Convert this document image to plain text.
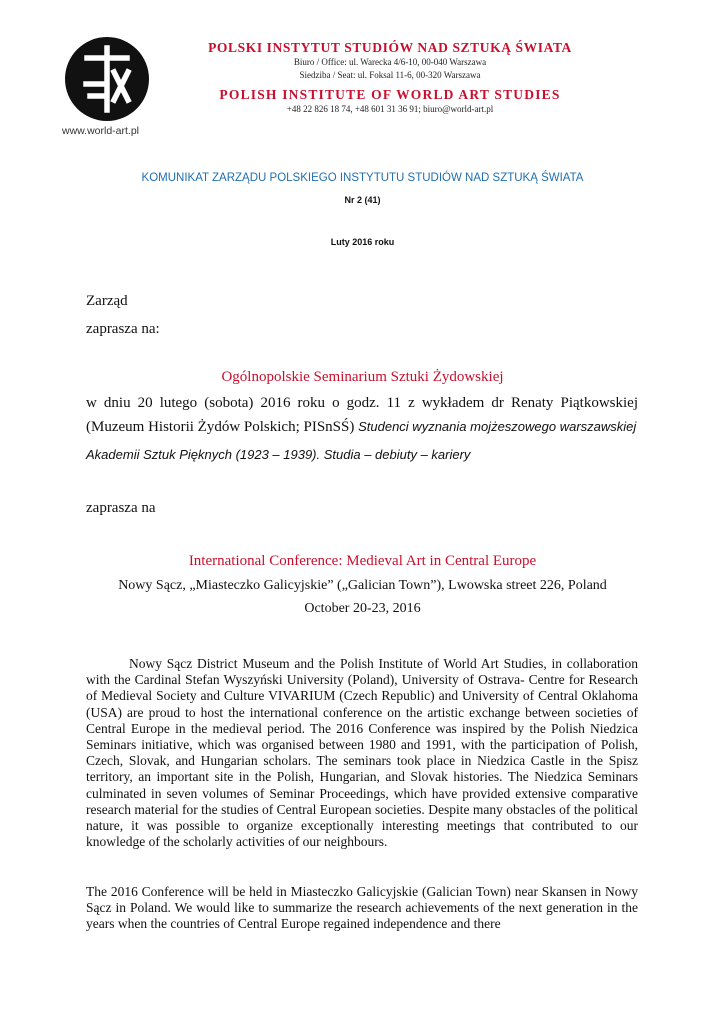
www.world-art.pl
POLSKI INSTYTUT STUDIÓW NAD SZTUKĄ ŚWIATA
Biuro / Office: ul. Warecka 4/6-10, 00-040 Warszawa
Siedziba / Seat: ul. Foksal 11-6, 00-320 Warszawa
POLISH INSTITUTE OF WORLD ART STUDIES
+48 22 826 18 74, +48 601 31 36 91; biuro@world-art.pl
KOMUNIKAT ZARZĄDU POLSKIEGO INSTYTUTU STUDIÓW NAD SZTUKĄ ŚWIATA
Nr 2 (41)
Luty 2016 roku
Zarząd
zaprasza na:
Ogólnopolskie Seminarium Sztuki Żydowskiej
w dniu 20 lutego (sobota) 2016 roku o godz. 11 z wykładem dr Renaty Piątkowskiej
(Muzeum Historii Żydów Polskich; PISnSŚ) Studenci wyznania mojżeszowego warszawskiej
Akademii Sztuk Pięknych (1923 – 1939). Studia – debiuty – kariery
zaprasza na
International Conference: Medieval Art in Central Europe
Nowy Sącz, „Miasteczko Galicyjskie” („Galician Town”), Lwowska street 226, Poland
October 20-23, 2016
Nowy Sącz District Museum and the Polish Institute of World Art Studies, in collaboration with the Cardinal Stefan Wyszyński University (Poland), University of Ostrava- Centre for Research of Medieval Society and Culture VIVARIUM (Czech Republic) and University of Central Oklahoma (USA) are proud to host the international conference on the artistic exchange between societies of Central Europe in the medieval period. The 2016 Conference was inspired by the Polish Niedzica Seminars initiative, which was organised between 1980 and 1991, with the participation of Polish, Czech, Slovak, and Hungarian scholars. The seminars took place in Niedzica Castle in the Spisz territory, an important site in the Polish, Hungarian, and Slovak histories. The Niedzica Seminars culminated in seven volumes of Seminar Proceedings, which have provided extensive comparative research material for the studies of Central European societies. Despite many obstacles of the political nature, it was possible to organize exceptionally interesting meetings that contributed to our knowledge of the scholarly activities of our neighbours.
The 2016 Conference will be held in Miasteczko Galicyjskie (Galician Town) near Skansen in Nowy Sącz in Poland. We would like to summarize the research achievements of the next generation in the years when the countries of Central Europe regained independence and there
